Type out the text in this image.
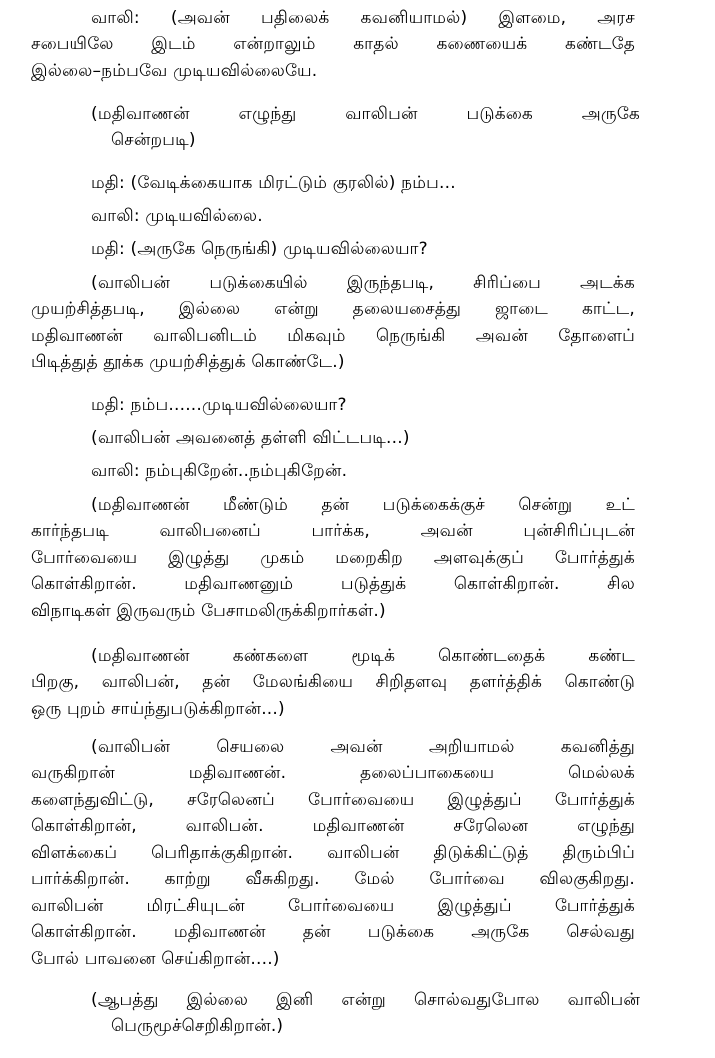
வாலி: (அவன் பதிலைக் கவனியாமல்) இளமை, அரச

சபையிலே இடம் என்றாலும் காதல் கணையைக் கண்டதே
இல்லை–நம்பவே முடியவில்லையே.

(மதிவாணன் எழுந்து வாலிபன் படுக்கை அருகே

சென்றபடி)

மதி: (வேடிக்கையாக மிரட்டும் குரலில்) நம்ப...

வாலி: முடியவில்லை.

மதி: (அருகே நெருங்கி) முடியவில்லையா?

(வாலிபன் படுக்கையில் இருந்தபடி, சிரிப்பை அடக்க

முயற்சித்தபடி, இல்லை என்று தலையசைத்து ஜாடை காட்ட,
மதிவாணன் வாலிபனிடம் மிகவும் நெருங்கி அவன் தோளைப்
பிடித்துத் தூக்க முயற்சித்துக் கொண்டே.)

மதி: நம்ப......முடியவில்லையா?

(வாலிபன் அவனைத் தள்ளி விட்டபடி...)

வாலி: நம்புகிறேன்..நம்புகிறேன்.

(மதிவாணன் மீண்டும் தன் படுக்கைக்குச் சென்று உட்

கார்ந்தபடி வாலிபனைப் பார்க்க, அவன் புன்சிரிப்புடன்
போர்வையை இழுத்து முகம் மறைகிற அளவுக்குப் போர்த்துக்
கொள்கிறான். மதிவாணனும் படுத்துக் கொள்கிறான். சில
விநாடிகள் இருவரும் பேசாமலிருக்கிறார்கள்.)

(மதிவாணன் கண்களை மூடிக் கொண்டதைக் கண்ட

பிறகு, வாலிபன், தன் மேலங்கியை சிறிதளவு தளர்த்திக் கொண்டு
ஒரு புறம் சாய்ந்துபடுக்கிறான்...)

(வாலிபன் செயலை அவன் அறியாமல் கவனித்து

வருகிறான் மதிவாணன். தலைப்பாகையை மெல்லக்
களைந்துவிட்டு, சரேலெனப் போர்வையை இழுத்துப் போர்த்துக்
கொள்கிறான், வாலிபன். மதிவாணன் சரேலென எழுந்து
விளக்கைப் பெரிதாக்குகிறான். வாலிபன் திடுக்கிட்டுத் திரும்பிப்
பார்க்கிறான். காற்று வீசுகிறது. மேல் போர்வை விலகுகிறது.
வாலிபன் மிரட்சியுடன் போர்வையை இழுத்துப் போர்த்துக்
கொள்கிறான். மதிவாணன் தன் படுக்கை அருகே செல்வது
போல் பாவனை செய்கிறான்....)

(ஆபத்து இல்லை இனி என்று சொல்வதுபோல வாலிபன்

பெருமூச்செறிகிறான்.)
